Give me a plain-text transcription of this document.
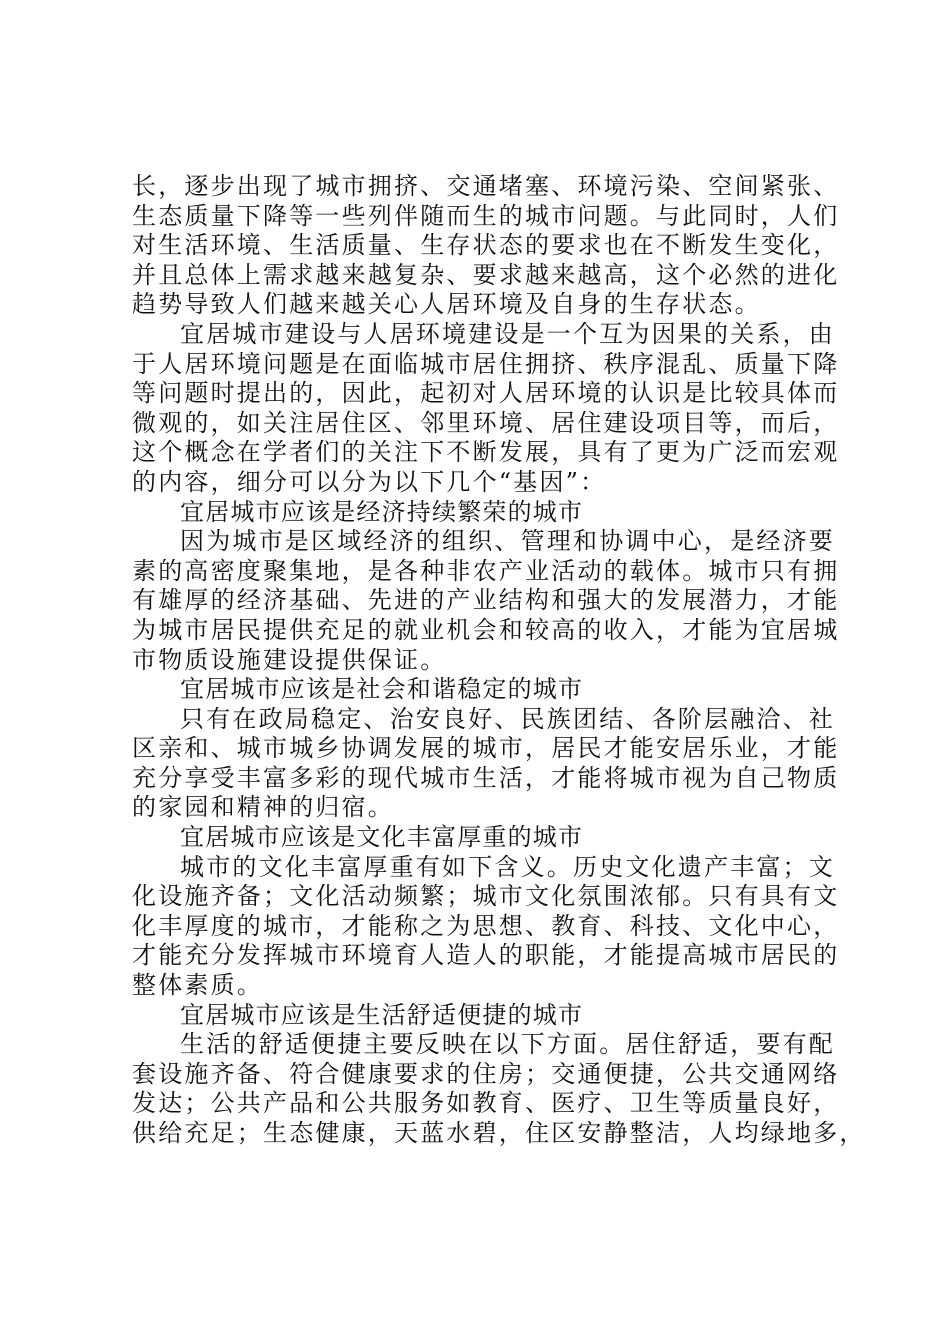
长，逐步出现了城市拥挤、交通堵塞、环境污染、空间紧张、
生态质量下降等一些列伴随而生的城市问题。与此同时，人们
对生活环境、生活质量、生存状态的要求也在不断发生变化，
并且总体上需求越来越复杂、要求越来越高，这个必然的进化
趋势导致人们越来越关心人居环境及自身的生存状态。
宜居城市建设与人居环境建设是一个互为因果的关系，由
于人居环境问题是在面临城市居住拥挤、秩序混乱、质量下降
等问题时提出的，因此，起初对人居环境的认识是比较具体而
微观的，如关注居住区、邻里环境、居住建设项目等，而后，
这个概念在学者们的关注下不断发展，具有了更为广泛而宏观
的内容，细分可以分为以下几个“基因”：
宜居城市应该是经济持续繁荣的城市
因为城市是区域经济的组织、管理和协调中心，是经济要
素的高密度聚集地，是各种非农产业活动的载体。城市只有拥
有雄厚的经济基础、先进的产业结构和强大的发展潜力，才能
为城市居民提供充足的就业机会和较高的收入，才能为宜居城
市物质设施建设提供保证。
宜居城市应该是社会和谐稳定的城市
只有在政局稳定、治安良好、民族团结、各阶层融洽、社
区亲和、城市城乡协调发展的城市，居民才能安居乐业，才能
充分享受丰富多彩的现代城市生活，才能将城市视为自己物质
的家园和精神的归宿。
宜居城市应该是文化丰富厚重的城市
城市的文化丰富厚重有如下含义。历史文化遗产丰富；文
化设施齐备；文化活动频繁；城市文化氛围浓郁。只有具有文
化丰厚度的城市，才能称之为思想、教育、科技、文化中心，
才能充分发挥城市环境育人造人的职能，才能提高城市居民的
整体素质。
宜居城市应该是生活舒适便捷的城市
生活的舒适便捷主要反映在以下方面。居住舒适，要有配
套设施齐备、符合健康要求的住房；交通便捷，公共交通网络
发达；公共产品和公共服务如教育、医疗、卫生等质量良好，
供给充足；生态健康，天蓝水碧，住区安静整洁，人均绿地多，
